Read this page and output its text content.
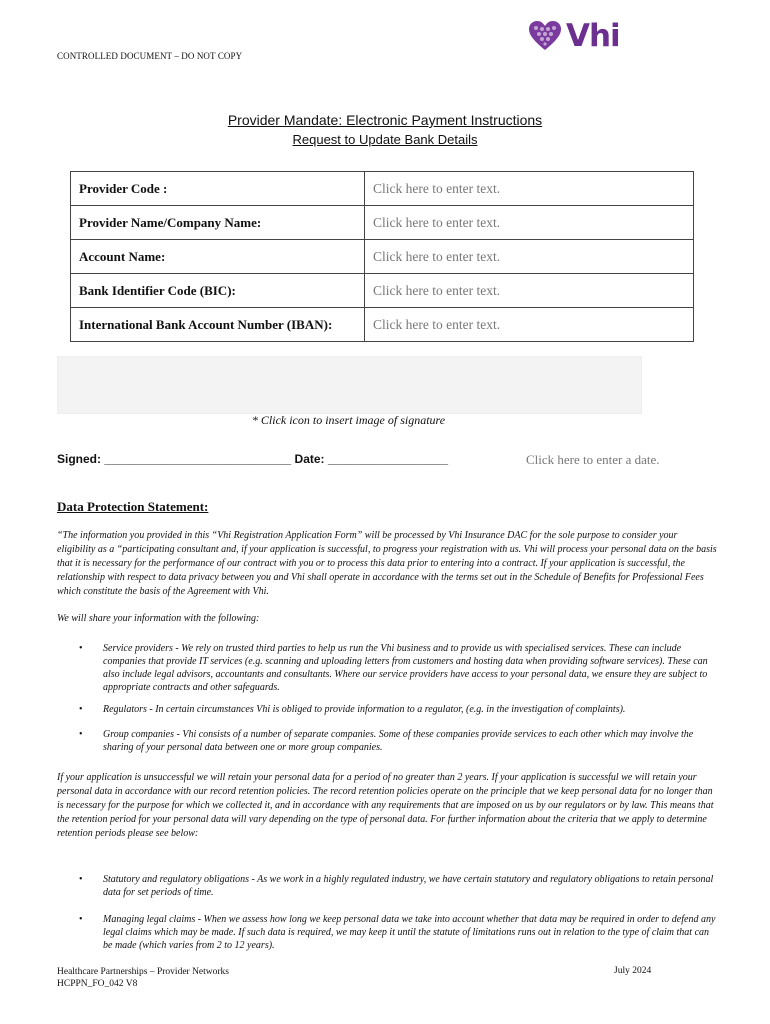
CONTROLLED DOCUMENT – DO NOT COPY
Vhi
Provider Mandate: Electronic Payment Instructions
Request to Update Bank Details
Provider Code :	Click here to enter text.
Provider Name/Company Name:	Click here to enter text.
Account Name:	Click here to enter text.
Bank Identifier Code (BIC):	Click here to enter text.
International Bank Account Number (IBAN):	Click here to enter text.
* Click icon to insert image of signature
Signed: ____________________________ Date: __________________	Click here to enter a date.
Data Protection Statement:

“The information you provided in this “Vhi Registration Application Form” will be processed by Vhi Insurance DAC for the sole purpose to consider your eligibility as a “participating consultant and, if your application is successful, to progress your registration with us. Vhi will process your personal data on the basis that it is necessary for the performance of our contract with you or to process this data prior to entering into a contract. If your application is successful, the relationship with respect to data privacy between you and Vhi shall operate in accordance with the terms set out in the Schedule of Benefits for Professional Fees which constitute the basis of the Agreement with Vhi.

We will share your information with the following:

• Service providers - We rely on trusted third parties to help us run the Vhi business and to provide us with specialised services. These can include companies that provide IT services (e.g. scanning and uploading letters from customers and hosting data when providing software services). These can also include legal advisors, accountants and consultants. Where our service providers have access to your personal data, we ensure they are subject to appropriate contracts and other safeguards.
• Regulators - In certain circumstances Vhi is obliged to provide information to a regulator, (e.g. in the investigation of complaints).
• Group companies - Vhi consists of a number of separate companies. Some of these companies provide services to each other which may involve the sharing of your personal data between one or more group companies.

If your application is unsuccessful we will retain your personal data for a period of no greater than 2 years. If your application is successful we will retain your personal data in accordance with our record retention policies. The record retention policies operate on the principle that we keep personal data for no longer than is necessary for the purpose for which we collected it, and in accordance with any requirements that are imposed on us by our regulators or by law. This means that the retention period for your personal data will vary depending on the type of personal data. For further information about the criteria that we apply to determine retention periods please see below:

• Statutory and regulatory obligations - As we work in a highly regulated industry, we have certain statutory and regulatory obligations to retain personal data for set periods of time.
• Managing legal claims - When we assess how long we keep personal data we take into account whether that data may be required in order to defend any legal claims which may be made. If such data is required, we may keep it until the statute of limitations runs out in relation to the type of claim that can be made (which varies from 2 to 12 years).
Healthcare Partnerships – Provider Networks
HCPPN_FO_042 V8
July 2024
